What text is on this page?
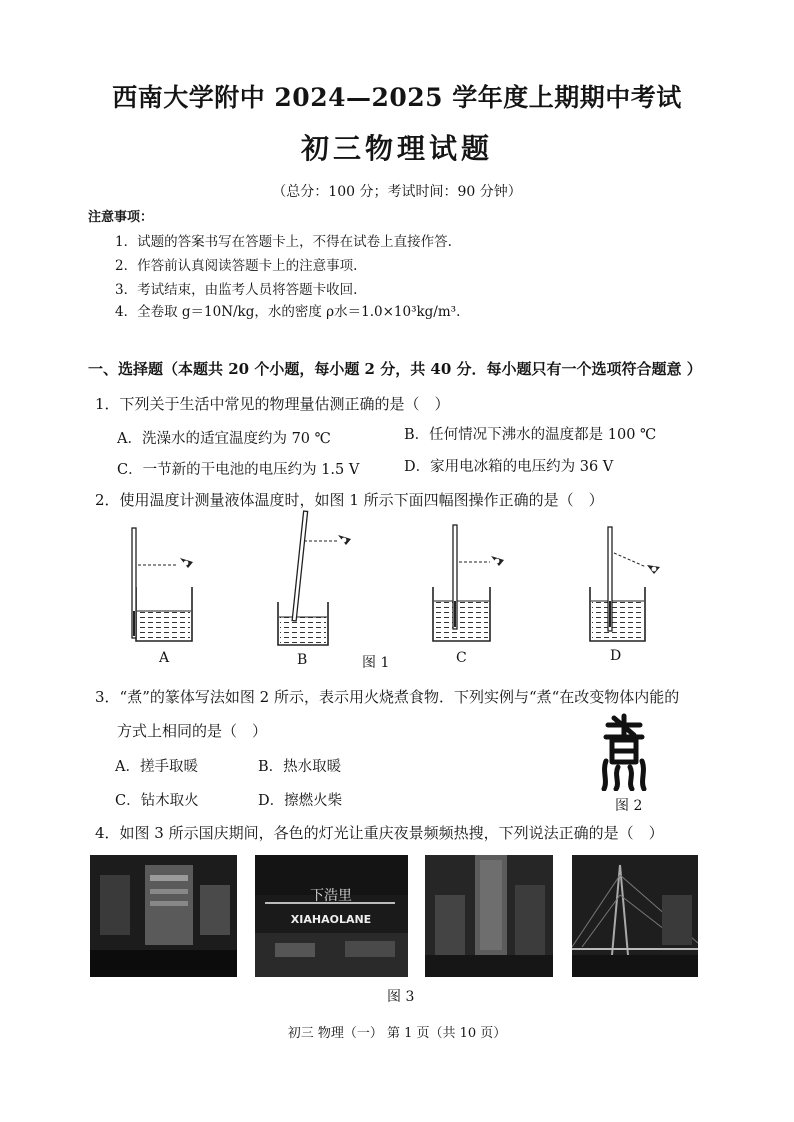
西南大学附中 2024—2025 学年度上期期中考试
初三物理试题
（总分：100 分；考试时间：90 分钟）
注意事项：
1．试题的答案书写在答题卡上，不得在试卷上直接作答.
2．作答前认真阅读答题卡上的注意事项.
3．考试结束，由监考人员将答题卡收回.
4．全卷取 g＝10N/kg，水的密度 ρ水＝1.0×10³kg/m³.
一、选择题（本题共 20 个小题，每小题 2 分，共 40 分．每小题只有一个选项符合题意 ）
1．下列关于生活中常见的物理量估测正确的是（　）
A．洗澡水的适宜温度约为 70 ℃	B．任何情况下沸水的温度都是 100 ℃
C．一节新的干电池的电压约为 1.5 V	D．家用电冰箱的电压约为 36 V
2．使用温度计测量液体温度时，如图 1 所示下面四幅图操作正确的是（　）
A	B	图 1	C	D
3．“煮”的篆体写法如图 2 所示，表示用火烧煮食物．下列实例与“煮“在改变物体内能的
方式上相同的是（　）
A．搓手取暖	B．热水取暖
C．钻木取火	D．擦燃火柴	图 2
4．如图 3 所示国庆期间，各色的灯光让重庆夜景频频热搜，下列说法正确的是（　）
下浩里
XIAHAOLANE
图 3
初三 物理（一） 第 1 页（共 10 页）
